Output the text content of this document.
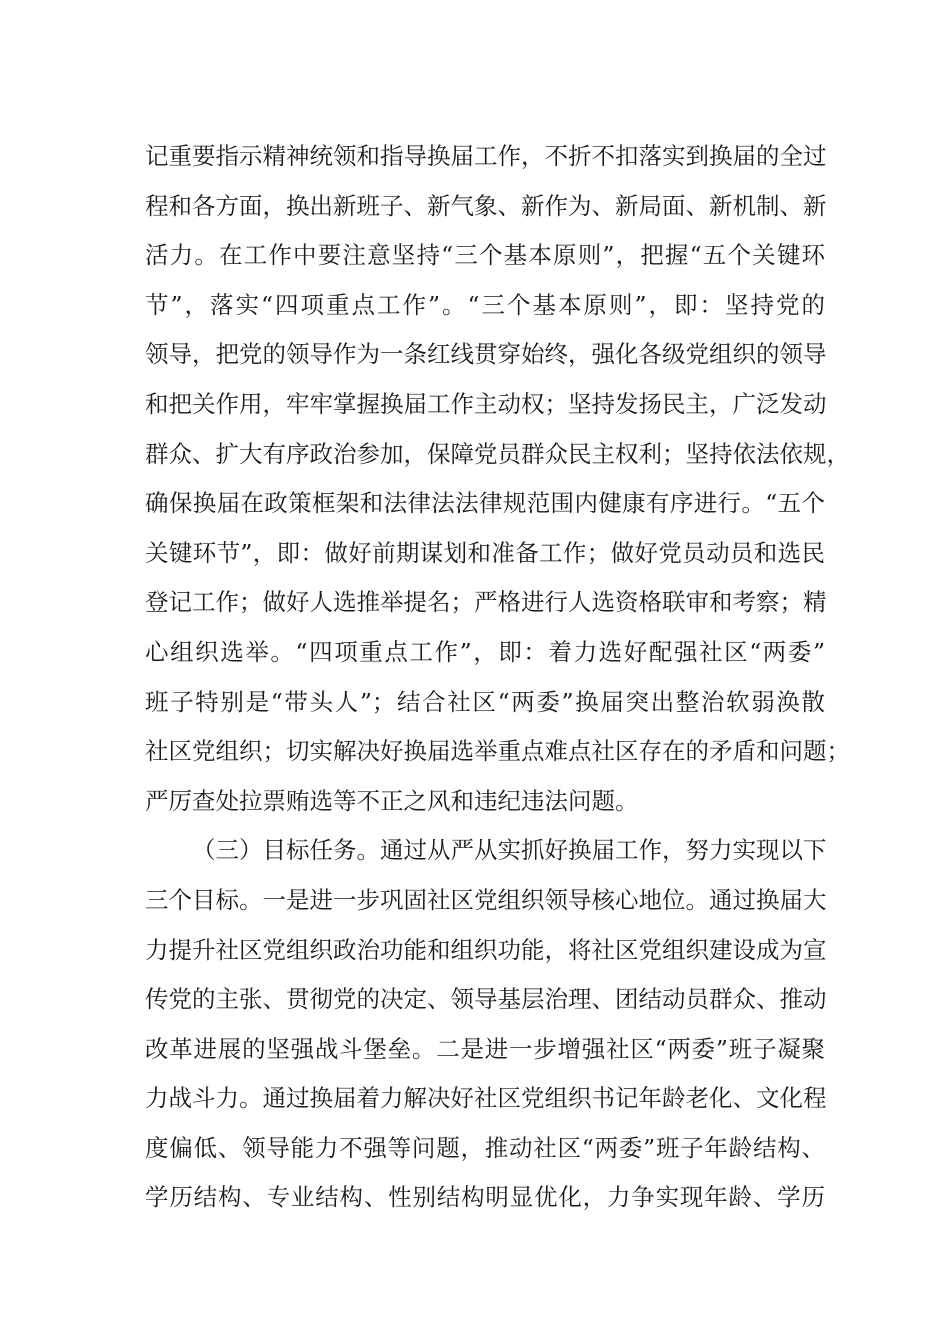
记重要指示精神统领和指导换届工作，不折不扣落实到换届的全过
程和各方面，换出新班子、新气象、新作为、新局面、新机制、新
活力。在工作中要注意坚持“三个基本原则”，把握“五个关键环
节”，落实“四项重点工作”。“三个基本原则”，即：坚持党的
领导，把党的领导作为一条红线贯穿始终，强化各级党组织的领导
和把关作用，牢牢掌握换届工作主动权；坚持发扬民主，广泛发动
群众、扩大有序政治参加，保障党员群众民主权利；坚持依法依规，
确保换届在政策框架和法律法法律规范围内健康有序进行。“五个
关键环节”，即：做好前期谋划和准备工作；做好党员动员和选民
登记工作；做好人选推举提名；严格进行人选资格联审和考察；精
心组织选举。“四项重点工作”，即：着力选好配强社区“两委”
班子特别是“带头人”；结合社区“两委”换届突出整治软弱涣散
社区党组织；切实解决好换届选举重点难点社区存在的矛盾和问题；
严厉查处拉票贿选等不正之风和违纪违法问题。
（三）目标任务。通过从严从实抓好换届工作，努力实现以下
三个目标。一是进一步巩固社区党组织领导核心地位。通过换届大
力提升社区党组织政治功能和组织功能，将社区党组织建设成为宣
传党的主张、贯彻党的决定、领导基层治理、团结动员群众、推动
改革进展的坚强战斗堡垒。二是进一步增强社区“两委”班子凝聚
力战斗力。通过换届着力解决好社区党组织书记年龄老化、文化程
度偏低、领导能力不强等问题，推动社区“两委”班子年龄结构、
学历结构、专业结构、性别结构明显优化，力争实现年龄、学历
